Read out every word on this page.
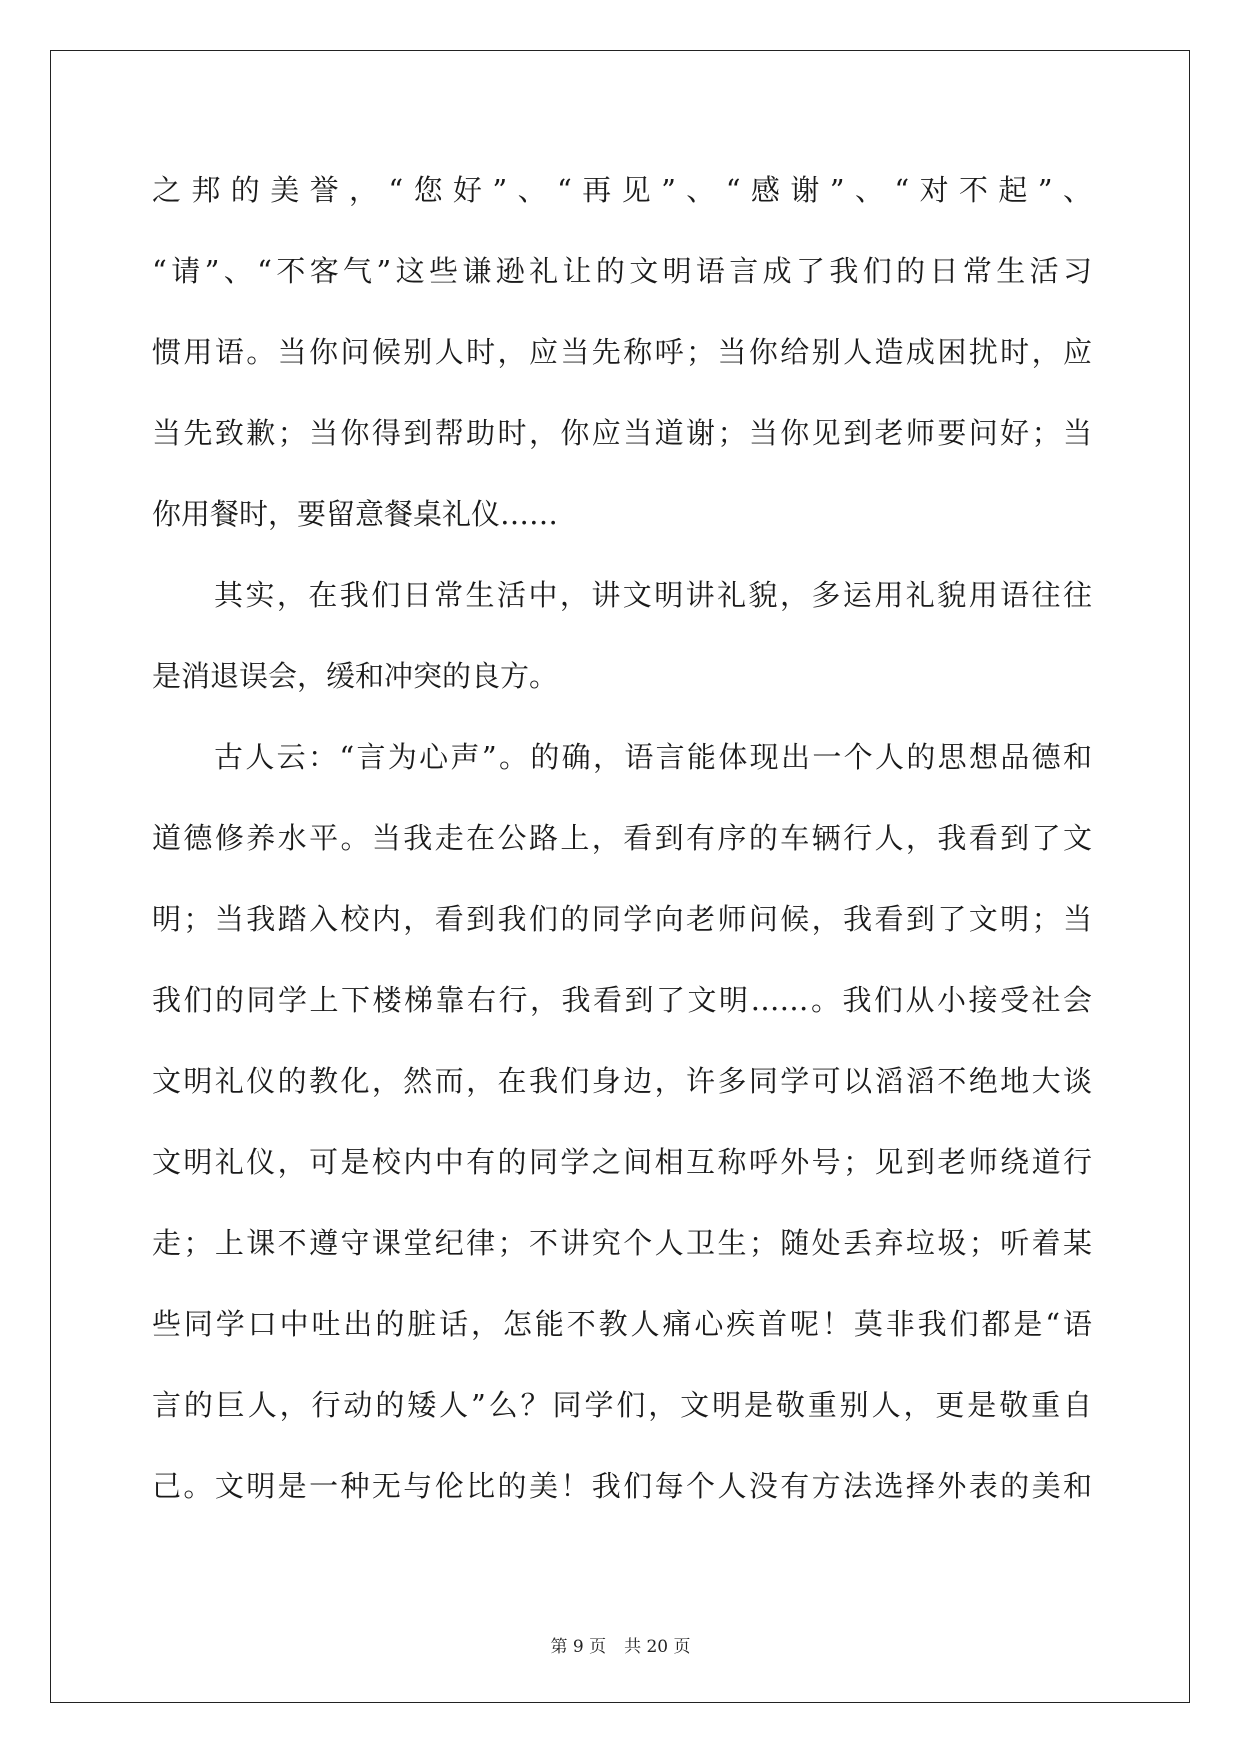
之邦的美誉，“您好”、“再见”、“感谢”、“对不起”、
“请”、“不客气”这些谦逊礼让的文明语言成了我们的日常生活习
惯用语。当你问候别人时，应当先称呼；当你给别人造成困扰时，应
当先致歉；当你得到帮助时，你应当道谢；当你见到老师要问好；当
你用餐时，要留意餐桌礼仪……
其实，在我们日常生活中，讲文明讲礼貌，多运用礼貌用语往往
是消退误会，缓和冲突的良方。
古人云：“言为心声”。的确，语言能体现出一个人的思想品德和
道德修养水平。当我走在公路上，看到有序的车辆行人，我看到了文
明；当我踏入校内，看到我们的同学向老师问候，我看到了文明；当
我们的同学上下楼梯靠右行，我看到了文明……。我们从小接受社会
文明礼仪的教化，然而，在我们身边，许多同学可以滔滔不绝地大谈
文明礼仪，可是校内中有的同学之间相互称呼外号；见到老师绕道行
走；上课不遵守课堂纪律；不讲究个人卫生；随处丢弃垃圾；听着某
些同学口中吐出的脏话，怎能不教人痛心疾首呢！莫非我们都是“语
言的巨人，行动的矮人”么？同学们，文明是敬重别人，更是敬重自
己。文明是一种无与伦比的美！我们每个人没有方法选择外表的美和
第 9 页 共 20 页
